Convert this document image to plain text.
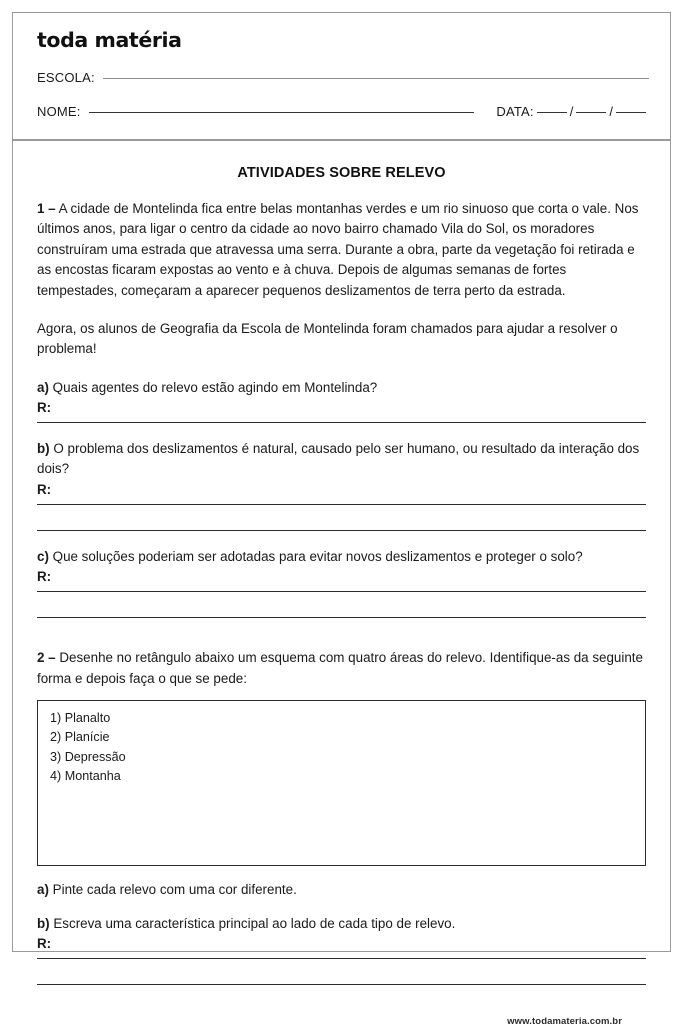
toda matéria
ESCOLA:
NOME:	DATA:	/	/
ATIVIDADES SOBRE RELEVO

1 – A cidade de Montelinda fica entre belas montanhas verdes e um rio sinuoso que corta o vale. Nos últimos anos, para ligar o centro da cidade ao novo bairro chamado Vila do Sol, os moradores construíram uma estrada que atravessa uma serra. Durante a obra, parte da vegetação foi retirada e as encostas ficaram expostas ao vento e à chuva. Depois de algumas semanas de fortes tempestades, começaram a aparecer pequenos deslizamentos de terra perto da estrada.

Agora, os alunos de Geografia da Escola de Montelinda foram chamados para ajudar a resolver o problema!

a) Quais agentes do relevo estão agindo em Montelinda?

R:

b) O problema dos deslizamentos é natural, causado pelo ser humano, ou resultado da interação dos dois?

R:

c) Que soluções poderiam ser adotadas para evitar novos deslizamentos e proteger o solo?

R:

2 – Desenhe no retângulo abaixo um esquema com quatro áreas do relevo. Identifique-as da seguinte forma e depois faça o que se pede:

1) Planalto
2) Planície
3) Depressão
4) Montanha

a) Pinte cada relevo com uma cor diferente.

b) Escreva uma característica principal ao lado de cada tipo de relevo.

R:
www.todamateria.com.br
